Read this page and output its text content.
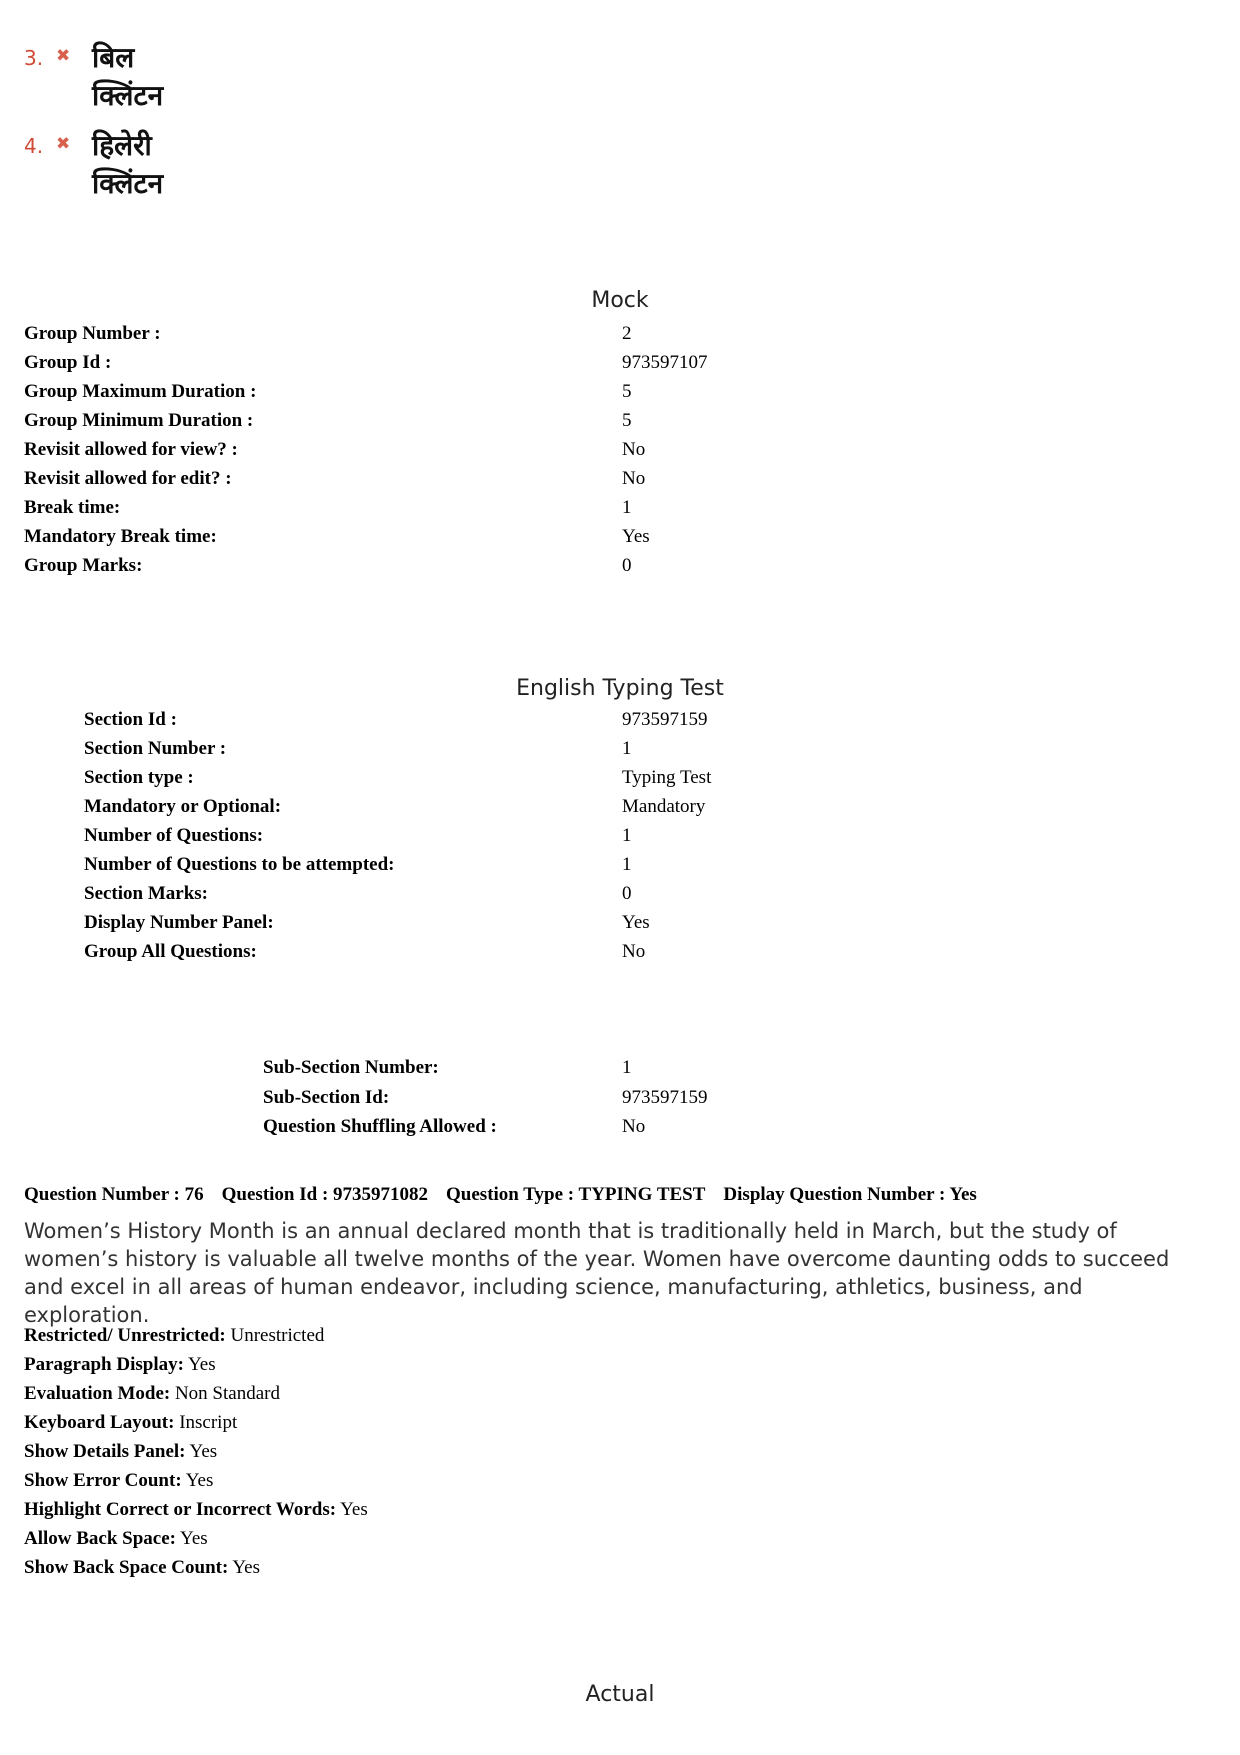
3. ✖ बिल क्लिंटन
4. ✖ हिलेरी क्लिंटन
Mock
Group Number :	2
Group Id :	973597107
Group Maximum Duration :	5
Group Minimum Duration :	5
Revisit allowed for view? :	No
Revisit allowed for edit? :	No
Break time:	1
Mandatory Break time:	Yes
Group Marks:	0
English Typing Test
Section Id :	973597159
Section Number :	1
Section type :	Typing Test
Mandatory or Optional:	Mandatory
Number of Questions:	1
Number of Questions to be attempted:	1
Section Marks:	0
Display Number Panel:	Yes
Group All Questions:	No
Sub-Section Number:	1
Sub-Section Id:	973597159
Question Shuffling Allowed :	No
Question Number : 76 Question Id : 9735971082 Question Type : TYPING TEST Display Question Number : Yes
Women’s History Month is an annual declared month that is traditionally held in March, but the study of women’s history is valuable all twelve months of the year. Women have overcome daunting odds to succeed and excel in all areas of human endeavor, including science, manufacturing, athletics, business, and exploration.
Restricted/ Unrestricted: Unrestricted
Paragraph Display: Yes
Evaluation Mode: Non Standard
Keyboard Layout: Inscript
Show Details Panel: Yes
Show Error Count: Yes
Highlight Correct or Incorrect Words: Yes
Allow Back Space: Yes
Show Back Space Count: Yes
Actual
